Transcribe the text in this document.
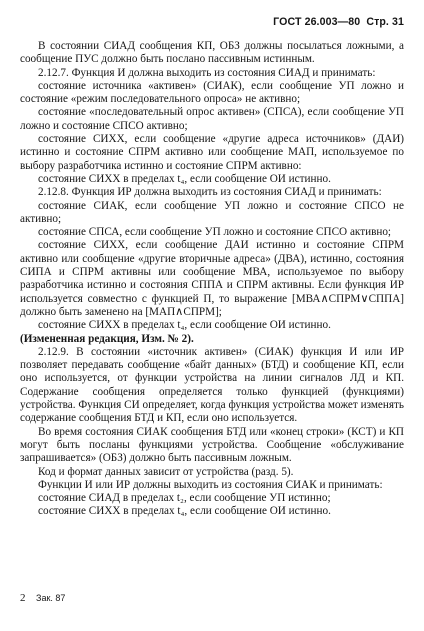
ГОСТ 26.003—80 Стр. 31

В состоянии СИАД сообщения КП, ОБЗ должны посылаться ложными, а сообщение ПУС должно быть послано пассивным истинным.

2.12.7. Функция И должна выходить из состояния СИАД и принимать:

состояние источника «активен» (СИАК), если сообщение УП ложно и состояние «режим последовательного опроса» не активно;

состояние «последовательный опрос активен» (СПСА), если сообщение УП ложно и состояние СПСО активно;

состояние СИХХ, если сообщение «другие адреса источников» (ДАИ) истинно и состояние СПРМ активно или сообщение МАП, используемое по выбору разработчика истинно и состояние СПРМ активно:

состояние СИХХ в пределах t₄, если сообщение ОИ истинно.

2.12.8. Функция ИР должна выходить из состояния СИАД и принимать:

состояние СИАК, если сообщение УП ложно и состояние СПСО не активно;

состояние СПСА, если сообщение УП ложно и состояние СПСО активно;

состояние СИХХ, если сообщение ДАИ истинно и состояние СПРМ активно или сообщение «другие вторичные адреса» (ДВА), истинно, состояния СИПА и СПРМ активны или сообщение МВА, используемое по выбору разработчика истинно и состояния СППА и СПРМ активны. Если функция ИР используется совместно с функцией П, то выражение [МВА∧СПРМ∨СППА] должно быть заменено на [МАП∧СПРМ];

состояние СИХХ в пределах t₄, если сообщение ОИ истинно.

(Измененная редакция, Изм. № 2).

2.12.9. В состоянии «источник активен» (СИАК) функция И или ИР позволяет передавать сообщение «байт данных» (БТД) и сообщение КП, если оно используется, от функции устройства на линии сигналов ЛД и КП. Содержание сообщения определяется только функцией (функциями) устройства. Функция СИ определяет, когда функция устройства может изменять содержание сообщения БТД и КП, если оно используется.

Во время состояния СИАК сообщения БТД или «конец строки» (КСТ) и КП могут быть посланы функциями устройства. Сообщение «обслуживание запрашивается» (ОБЗ) должно быть пассивным ложным.

Код и формат данных зависит от устройства (разд. 5).

Функции И или ИР должны выходить из состояния СИАК и принимать:

состояние СИАД в пределах t₂, если сообщение УП истинно;

состояние СИХХ в пределах t₄, если сообщение ОИ истинно.

2 Зак. 87
